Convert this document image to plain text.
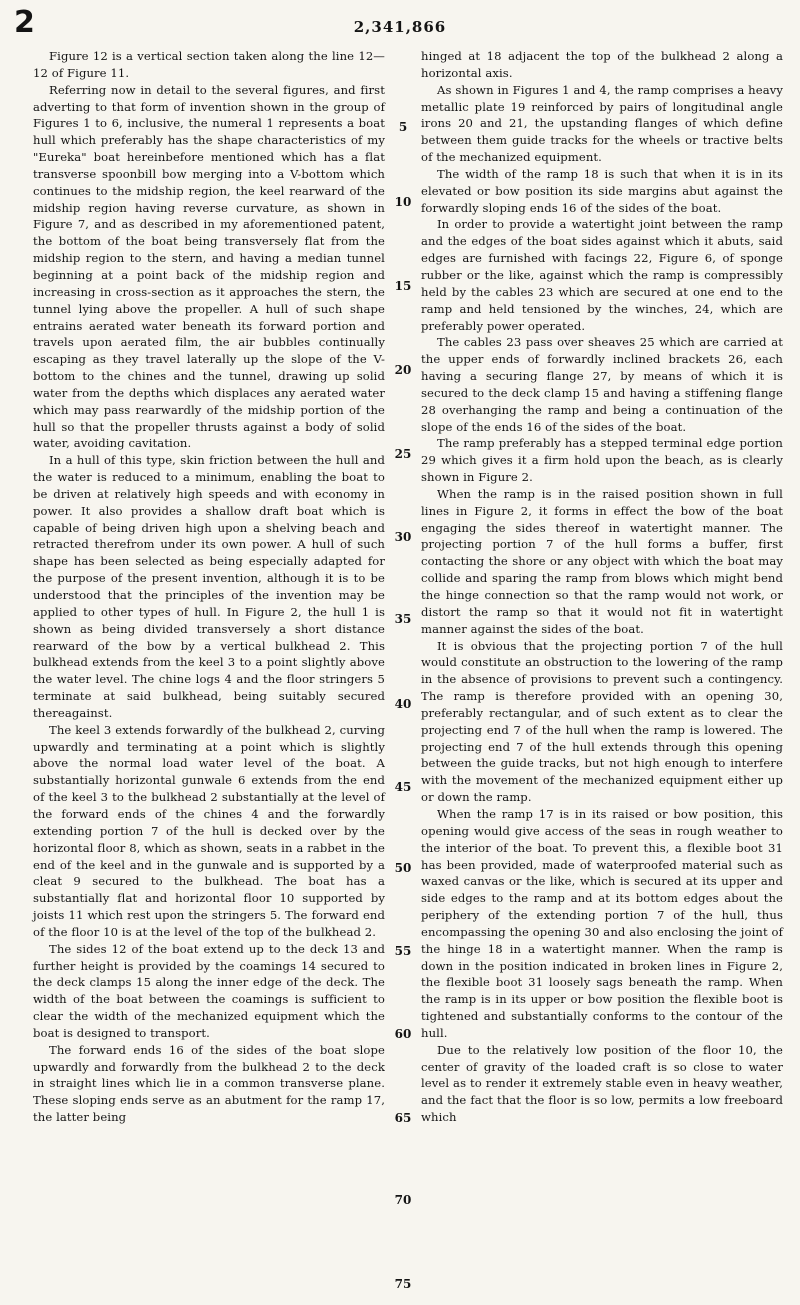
2	2,341,866

Figure 12 is a vertical section taken along the line 12—12 of Figure 11.

Referring now in detail to the several figures, and first adverting to that form of invention shown in the group of Figures 1 to 6, inclusive, the numeral 1 represents a boat hull which preferably has the shape characteristics of my "Eureka" boat hereinbefore mentioned which has a flat transverse spoonbill bow merging into a V-bottom which continues to the midship region, the keel rearward of the midship region having reverse curvature, as shown in Figure 7, and as described in my aforementioned patent, the bottom of the boat being transversely flat from the midship region to the stern, and having a median tunnel beginning at a point back of the midship region and increasing in cross-section as it approaches the stern, the tunnel lying above the propeller. A hull of such shape entrains aerated water beneath its forward portion and travels upon aerated film, the air bubbles continually escaping as they travel laterally up the slope of the V-bottom to the chines and the tunnel, drawing up solid water from the depths which displaces any aerated water which may pass rearwardly of the midship portion of the hull so that the propeller thrusts against a body of solid water, avoiding cavitation.

In a hull of this type, skin friction between the hull and the water is reduced to a minimum, enabling the boat to be driven at relatively high speeds and with economy in power. It also provides a shallow draft boat which is capable of being driven high upon a shelving beach and retracted therefrom under its own power. A hull of such shape has been selected as being especially adapted for the purpose of the present invention, although it is to be understood that the principles of the invention may be applied to other types of hull. In Figure 2, the hull 1 is shown as being divided transversely a short distance rearward of the bow by a vertical bulkhead 2. This bulkhead extends from the keel 3 to a point slightly above the water level. The chine logs 4 and the floor stringers 5 terminate at said bulkhead, being suitably secured thereagainst.

The keel 3 extends forwardly of the bulkhead 2, curving upwardly and terminating at a point which is slightly above the normal load water level of the boat. A substantially horizontal gunwale 6 extends from the end of the keel 3 to the bulkhead 2 substantially at the level of the forward ends of the chines 4 and the forwardly extending portion 7 of the hull is decked over by the horizontal floor 8, which as shown, seats in a rabbet in the end of the keel and in the gunwale and is supported by a cleat 9 secured to the bulkhead. The boat has a substantially flat and horizontal floor 10 supported by joists 11 which rest upon the stringers 5. The forward end of the floor 10 is at the level of the top of the bulkhead 2.

The sides 12 of the boat extend up to the deck 13 and further height is provided by the coamings 14 secured to the deck clamps 15 along the inner edge of the deck. The width of the boat between the coamings is sufficient to clear the width of the mechanized equipment which the boat is designed to transport.

The forward ends 16 of the sides of the boat slope upwardly and forwardly from the bulkhead 2 to the deck in straight lines which lie in a common transverse plane. These sloping ends serve as an abutment for the ramp 17, the latter being

5
10
15
20
25
30
35
40
45
50
55
60
65
70
75

hinged at 18 adjacent the top of the bulkhead 2 along a horizontal axis.

As shown in Figures 1 and 4, the ramp comprises a heavy metallic plate 19 reinforced by pairs of longitudinal angle irons 20 and 21, the upstanding flanges of which define between them guide tracks for the wheels or tractive belts of the mechanized equipment.

The width of the ramp 18 is such that when it is in its elevated or bow position its side margins abut against the forwardly sloping ends 16 of the sides of the boat.

In order to provide a watertight joint between the ramp and the edges of the boat sides against which it abuts, said edges are furnished with facings 22, Figure 6, of sponge rubber or the like, against which the ramp is compressibly held by the cables 23 which are secured at one end to the ramp and held tensioned by the winches, 24, which are preferably power operated.

The cables 23 pass over sheaves 25 which are carried at the upper ends of forwardly inclined brackets 26, each having a securing flange 27, by means of which it is secured to the deck clamp 15 and having a stiffening flange 28 overhanging the ramp and being a continuation of the slope of the ends 16 of the sides of the boat.

The ramp preferably has a stepped terminal edge portion 29 which gives it a firm hold upon the beach, as is clearly shown in Figure 2.

When the ramp is in the raised position shown in full lines in Figure 2, it forms in effect the bow of the boat engaging the sides thereof in watertight manner. The projecting portion 7 of the hull forms a buffer, first contacting the shore or any object with which the boat may collide and sparing the ramp from blows which might bend the hinge connection so that the ramp would not work, or distort the ramp so that it would not fit in watertight manner against the sides of the boat.

It is obvious that the projecting portion 7 of the hull would constitute an obstruction to the lowering of the ramp in the absence of provisions to prevent such a contingency. The ramp is therefore provided with an opening 30, preferably rectangular, and of such extent as to clear the projecting end 7 of the hull when the ramp is lowered. The projecting end 7 of the hull extends through this opening between the guide tracks, but not high enough to interfere with the movement of the mechanized equipment either up or down the ramp.

When the ramp 17 is in its raised or bow position, this opening would give access of the seas in rough weather to the interior of the boat. To prevent this, a flexible boot 31 has been provided, made of waterproofed material such as waxed canvas or the like, which is secured at its upper and side edges to the ramp and at its bottom edges about the periphery of the extending portion 7 of the hull, thus encompassing the opening 30 and also enclosing the joint of the hinge 18 in a watertight manner. When the ramp is down in the position indicated in broken lines in Figure 2, the flexible boot 31 loosely sags beneath the ramp. When the ramp is in its upper or bow position the flexible boot is tightened and substantially conforms to the contour of the hull.

Due to the relatively low position of the floor 10, the center of gravity of the loaded craft is so close to water level as to render it extremely stable even in heavy weather, and the fact that the floor is so low, permits a low freeboard which
